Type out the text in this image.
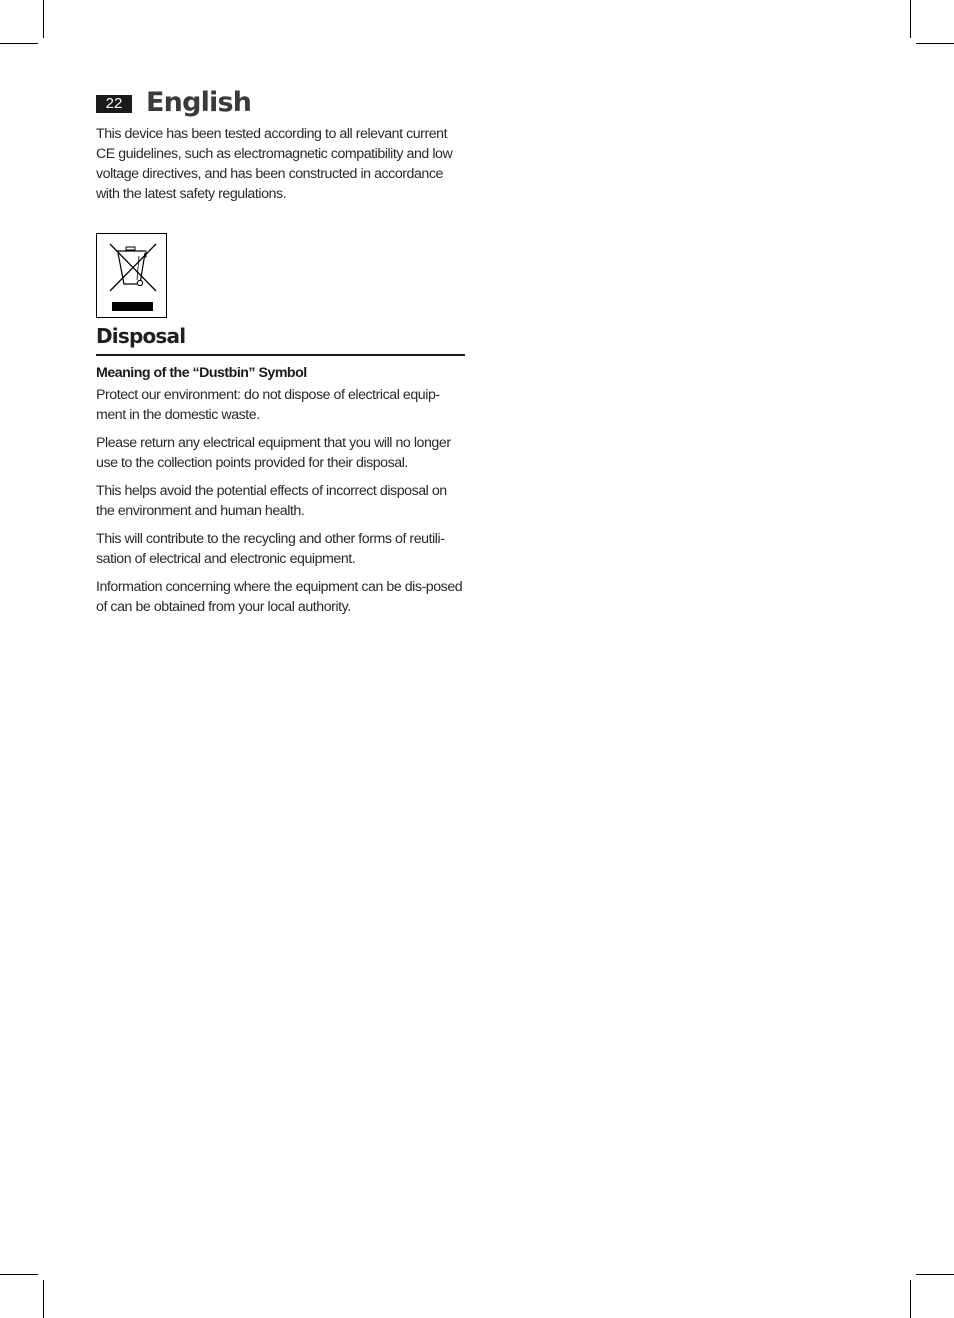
22 English

This device has been tested according to all relevant current CE guidelines, such as electromagnetic compatibility and low voltage directives, and has been constructed in accordance with the latest safety regulations.

Disposal
Meaning of the “Dustbin” Symbol

Protect our environment: do not dispose of electrical equip-ment in the domestic waste.

Please return any electrical equipment that you will no longer use to the collection points provided for their disposal.

This helps avoid the potential effects of incorrect disposal on the environment and human health.

This will contribute to the recycling and other forms of reutili-sation of electrical and electronic equipment.

Information concerning where the equipment can be dis-posed of can be obtained from your local authority.
